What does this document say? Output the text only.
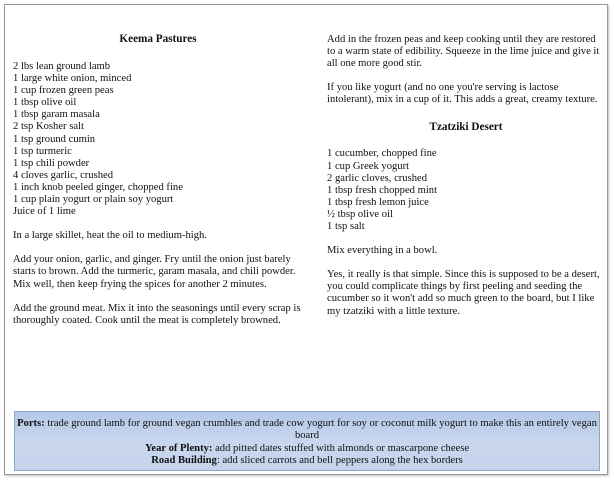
Keema Pastures
2 lbs lean ground lamb
1 large white onion, minced
1 cup frozen green peas
1 tbsp olive oil
1 tbsp garam masala
2 tsp Kosher salt
1 tsp ground cumin
1 tsp turmeric
1 tsp chili powder
4 cloves garlic, crushed
1 inch knob peeled ginger, chopped fine
1 cup plain yogurt or plain soy yogurt
Juice of 1 lime

In a large skillet, heat the oil to medium-high.

Add your onion, garlic, and ginger. Fry until the onion just barely starts to brown. Add the turmeric, garam masala, and chili powder. Mix well, then keep frying the spices for another 2 minutes.

Add the ground meat. Mix it into the seasonings until every scrap is thoroughly coated. Cook until the meat is completely browned.

Add in the frozen peas and keep cooking until they are restored to a warm state of edibility. Squeeze in the lime juice and give it all one more good stir.

If you like yogurt (and no one you're serving is lactose intolerant), mix in a cup of it. This adds a great, creamy texture.

Tzatziki Desert
1 cucumber, chopped fine
1 cup Greek yogurt
2 garlic cloves, crushed
1 tbsp fresh chopped mint
1 tbsp fresh lemon juice
½ tbsp olive oil
1 tsp salt

Mix everything in a bowl.

Yes, it really is that simple. Since this is supposed to be a desert, you could complicate things by first peeling and seeding the cucumber so it won't add so much green to the board, but I like my tzatziki with a little texture.

Ports: trade ground lamb for ground vegan crumbles and trade cow yogurt for soy or coconut milk yogurt to make this an entirely vegan board
Year of Plenty: add pitted dates stuffed with almonds or mascarpone cheese
Road Building: add sliced carrots and bell peppers along the hex borders
